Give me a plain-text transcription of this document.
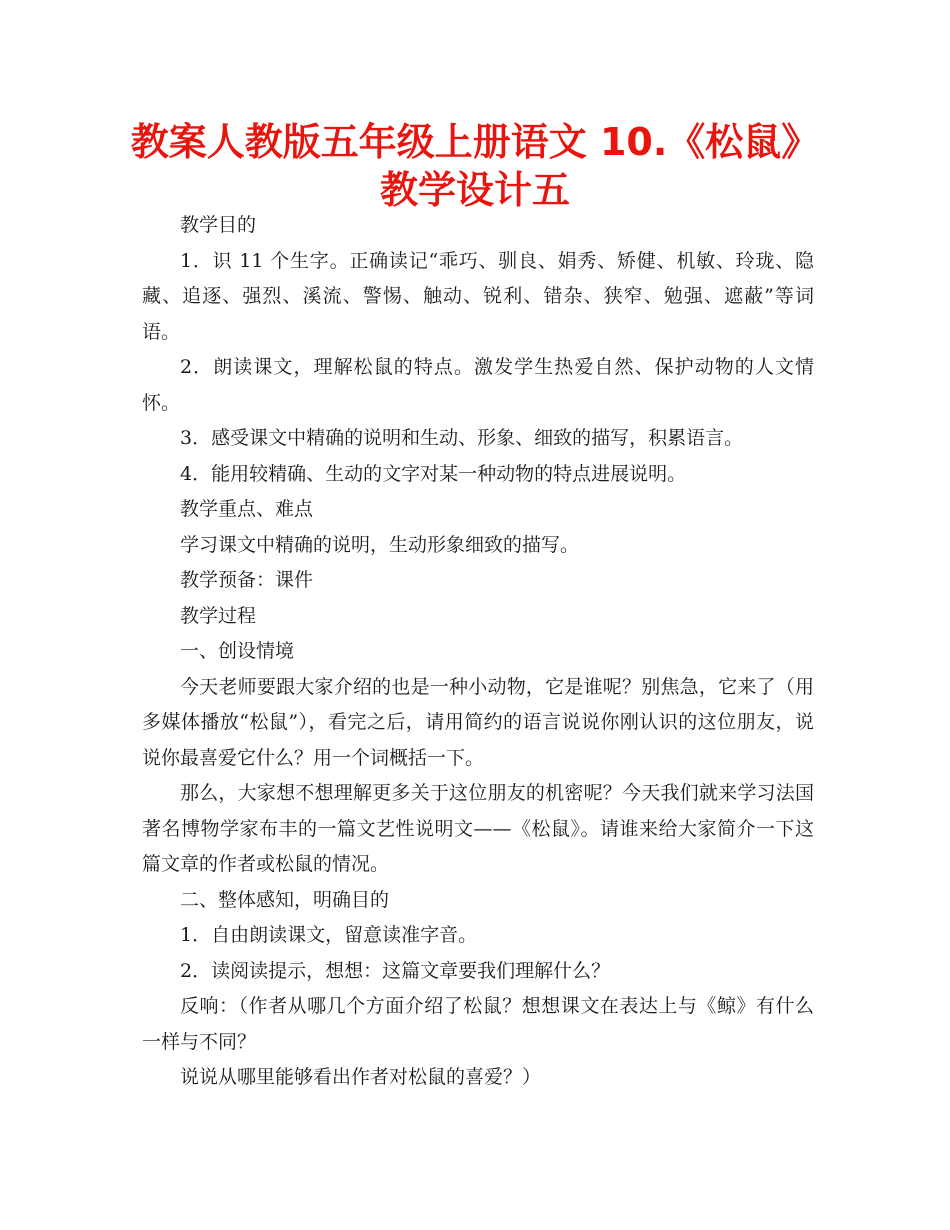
教案人教版五年级上册语文 10.《松鼠》教学设计五

教学目的

1．识 11 个生字。正确读记“乖巧、驯良、娟秀、矫健、机敏、玲珑、隐藏、追逐、强烈、溪流、警惕、触动、锐利、错杂、狭窄、勉强、遮蔽”等词语。

2．朗读课文，理解松鼠的特点。激发学生热爱自然、保护动物的人文情怀。

3．感受课文中精确的说明和生动、形象、细致的描写，积累语言。

4．能用较精确、生动的文字对某一种动物的特点进展说明。

教学重点、难点

学习课文中精确的说明，生动形象细致的描写。

教学预备：课件

教学过程

一、创设情境

今天老师要跟大家介绍的也是一种小动物，它是谁呢？别焦急，它来了（用多媒体播放“松鼠”），看完之后，请用简约的语言说说你刚认识的这位朋友，说说你最喜爱它什么？用一个词概括一下。

那么，大家想不想理解更多关于这位朋友的机密呢？今天我们就来学习法国著名博物学家布丰的一篇文艺性说明文——《松鼠》。请谁来给大家简介一下这篇文章的作者或松鼠的情况。

二、整体感知，明确目的

1．自由朗读课文，留意读准字音。

2．读阅读提示，想想：这篇文章要我们理解什么？

反响：（作者从哪几个方面介绍了松鼠？想想课文在表达上与《鲸》有什么一样与不同？

说说从哪里能够看出作者对松鼠的喜爱？）
